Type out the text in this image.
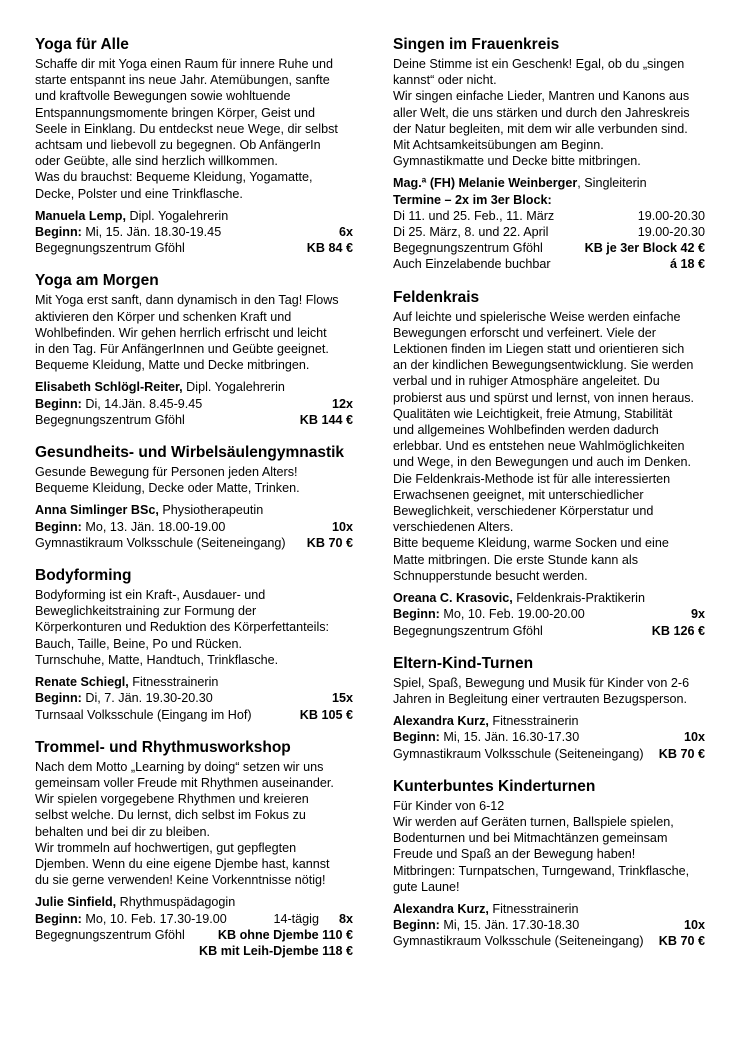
Yoga für Alle

Schaffe dir mit Yoga einen Raum für innere Ruhe und

starte entspannt ins neue Jahr. Atemübungen, sanfte

und kraftvolle Bewegungen sowie wohltuende

Entspannungsmomente bringen Körper, Geist und

Seele in Einklang. Du entdeckst neue Wege, dir selbst

achtsam und liebevoll zu begegnen. Ob AnfängerIn

oder Geübte, alle sind herzlich willkommen.

Was du brauchst: Bequeme Kleidung, Yogamatte,

Decke, Polster und eine Trinkflasche.

Manuela Lemp, Dipl. Yogalehrerin
Beginn: Mi, 15. Jän. 18.30-19.45	6x
Begegnungszentrum Gföhl	KB 84 €
Yoga am Morgen

Mit Yoga erst sanft, dann dynamisch in den Tag! Flows

aktivieren den Körper und schenken Kraft und

Wohlbefinden. Wir gehen herrlich erfrischt und leicht

in den Tag. Für AnfängerInnen und Geübte geeignet.

Bequeme Kleidung, Matte und Decke mitbringen.

Elisabeth Schlögl-Reiter, Dipl. Yogalehrerin
Beginn: Di, 14.Jän. 8.45-9.45	12x
Begegnungszentrum Gföhl	KB 144 €
Gesundheits- und Wirbelsäulengymnastik

Gesunde Bewegung für Personen jeden Alters!

Bequeme Kleidung, Decke oder Matte, Trinken.

Anna Simlinger BSc, Physiotherapeutin
Beginn: Mo, 13. Jän. 18.00-19.00	10x
Gymnastikraum Volksschule (Seiteneingang) KB 70 €
Bodyforming

Bodyforming ist ein Kraft-, Ausdauer- und

Beweglichkeitstraining zur Formung der

Körperkonturen und Reduktion des Körperfettanteils:

Bauch, Taille, Beine, Po und Rücken.

Turnschuhe, Matte, Handtuch, Trinkflasche.

Renate Schiegl, Fitnesstrainerin
Beginn: Di, 7. Jän. 19.30-20.30	15x
Turnsaal Volksschule (Eingang im Hof)	KB 105 €
Trommel- und Rhythmusworkshop

Nach dem Motto „Learning by doing“ setzen wir uns

gemeinsam voller Freude mit Rhythmen auseinander.

Wir spielen vorgegebene Rhythmen und kreieren

selbst welche. Du lernst, dich selbst im Fokus zu

behalten und bei dir zu bleiben.

Wir trommeln auf hochwertigen, gut gepflegten

Djemben. Wenn du eine eigene Djembe hast, kannst

du sie gerne verwenden! Keine Vorkenntnisse nötig!

Julie Sinfield, Rhythmuspädagogin
Beginn: Mo, 10. Feb. 17.30-19.00	14-tägig 8x
Begegnungszentrum Gföhl	KB ohne Djembe 110 €
KB mit Leih-Djembe 118 €
Singen im Frauenkreis

Deine Stimme ist ein Geschenk! Egal, ob du „singen

kannst“ oder nicht.

Wir singen einfache Lieder, Mantren und Kanons aus

aller Welt, die uns stärken und durch den Jahreskreis

der Natur begleiten, mit dem wir alle verbunden sind.

Mit Achtsamkeitsübungen am Beginn.

Gymnastikmatte und Decke bitte mitbringen.

Mag.ª (FH) Melanie Weinberger, Singleiterin
Termine – 2x im 3er Block:
Di 11. und 25. Feb., 11. März	19.00-20.30
Di 25. März, 8. und 22. April	19.00-20.30
Begegnungszentrum Gföhl	KB je 3er Block 42 €
Auch Einzelabende buchbar	á 18 €
Feldenkrais

Auf leichte und spielerische Weise werden einfache

Bewegungen erforscht und verfeinert. Viele der

Lektionen finden im Liegen statt und orientieren sich

an der kindlichen Bewegungsentwicklung. Sie werden

verbal und in ruhiger Atmosphäre angeleitet. Du

probierst aus und spürst und lernst, von innen heraus.

Qualitäten wie Leichtigkeit, freie Atmung, Stabilität

und allgemeines Wohlbefinden werden dadurch

erlebbar. Und es entstehen neue Wahlmöglichkeiten

und Wege, in den Bewegungen und auch im Denken.

Die Feldenkrais-Methode ist für alle interessierten

Erwachsenen geeignet, mit unterschiedlicher

Beweglichkeit, verschiedener Körperstatur und

verschiedenen Alters.

Bitte bequeme Kleidung, warme Socken und eine

Matte mitbringen. Die erste Stunde kann als

Schnupperstunde besucht werden.

Oreana C. Krasovic, Feldenkrais-Praktikerin
Beginn: Mo, 10. Feb. 19.00-20.00	9x
Begegnungszentrum Gföhl	KB 126 €
Eltern-Kind-Turnen

Spiel, Spaß, Bewegung und Musik für Kinder von 2-6

Jahren in Begleitung einer vertrauten Bezugsperson.

Alexandra Kurz, Fitnesstrainerin
Beginn: Mi, 15. Jän. 16.30-17.30	10x
Gymnastikraum Volksschule (Seiteneingang) KB 70 €
Kunterbuntes Kinderturnen

Für Kinder von 6-12

Wir werden auf Geräten turnen, Ballspiele spielen,

Bodenturnen und bei Mitmachtänzen gemeinsam

Freude und Spaß an der Bewegung haben!

Mitbringen: Turnpatschen, Turngewand, Trinkflasche,

gute Laune!

Alexandra Kurz, Fitnesstrainerin
Beginn: Mi, 15. Jän. 17.30-18.30	10x
Gymnastikraum Volksschule (Seiteneingang) KB 70 €
